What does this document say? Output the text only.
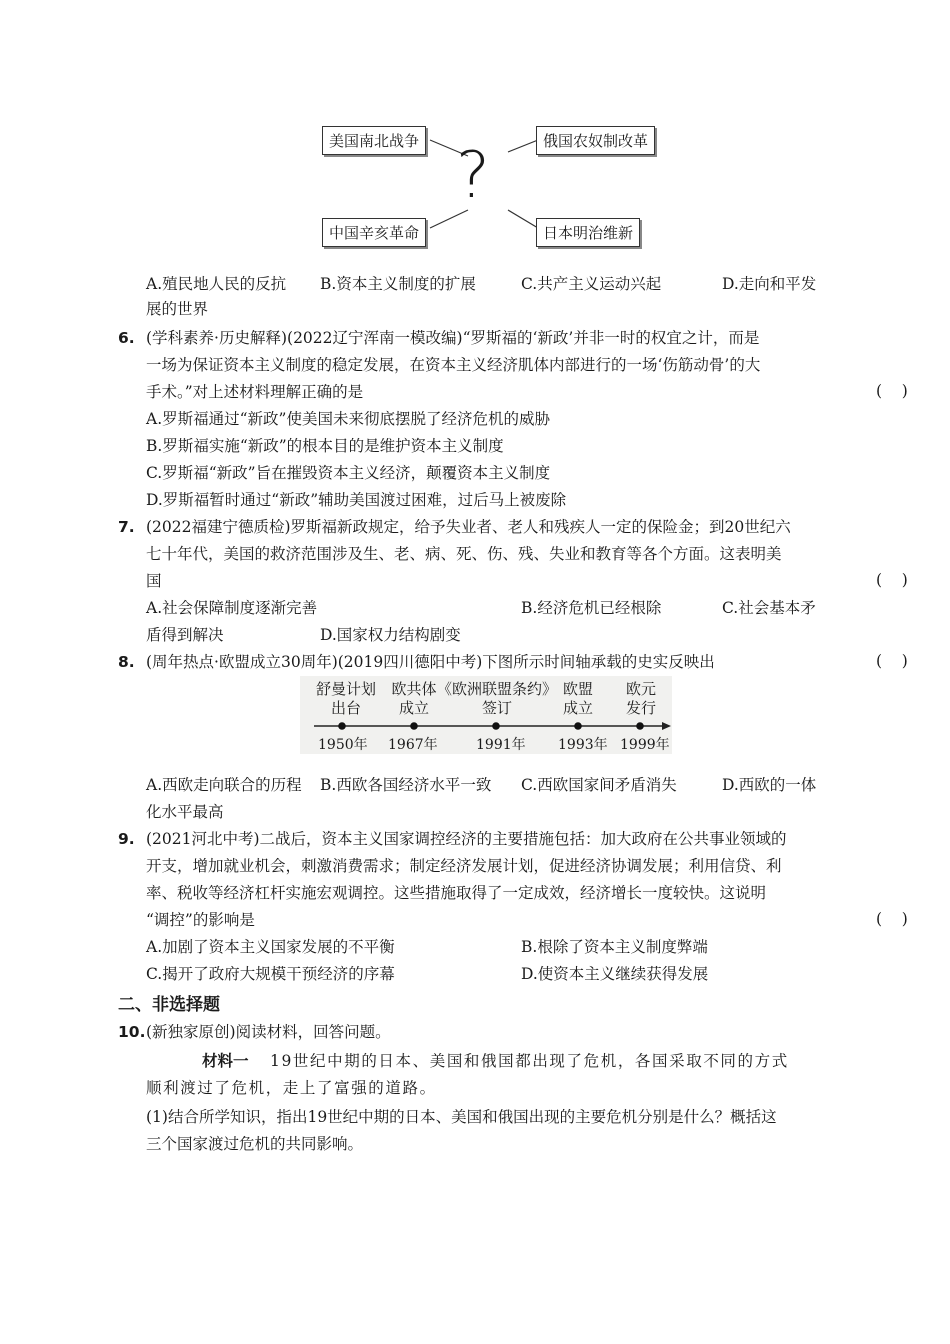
美国南北战争	俄国农奴制改革
中国辛亥革命	日本明治维新
?
A.殖民地人民的反抗 B.资本主义制度的扩展	C.共产主义运动兴起	D.走向和平发
展的世界
6. (学科素养·历史解释)(2022辽宁浑南一模改编)“罗斯福的‘新政’并非一时的权宜之计，而是
一场为保证资本主义制度的稳定发展，在资本主义经济肌体内部进行的一场‘伤筋动骨’的大
手术。”对上述材料理解正确的是	(    )
A.罗斯福通过“新政”使美国未来彻底摆脱了经济危机的威胁
B.罗斯福实施“新政”的根本目的是维护资本主义制度
C.罗斯福“新政”旨在摧毁资本主义经济，颠覆资本主义制度
D.罗斯福暂时通过“新政”辅助美国渡过困难，过后马上被废除
7. (2022福建宁德质检)罗斯福新政规定，给予失业者、老人和残疾人一定的保险金；到20世纪六
七十年代，美国的救济范围涉及生、老、病、死、伤、残、失业和教育等各个方面。这表明美
国	(    )
A.社会保障制度逐渐完善	B.经济危机已经根除	C.社会基本矛
盾得到解决	D.国家权力结构剧变
8. (周年热点·欧盟成立30周年)(2019四川德阳中考)下图所示时间轴承载的史实反映出	(    )
舒曼计划
出台
欧共体
成立
《欧洲联盟条约》
签订
欧盟
成立
欧元
发行
1950年 1967年	1991年 1993年 1999年
A.西欧走向联合的历程 B.西欧各国经济水平一致 C.西欧国家间矛盾消失	D.西欧的一体
化水平最高
9. (2021河北中考)二战后，资本主义国家调控经济的主要措施包括：加大政府在公共事业领域的
开支，增加就业机会，刺激消费需求；制定经济发展计划，促进经济协调发展；利用信贷、利
率、税收等经济杠杆实施宏观调控。这些措施取得了一定成效，经济增长一度较快。这说明
“调控”的影响是	(    )
A.加剧了资本主义国家发展的不平衡	B.根除了资本主义制度弊端
C.揭开了政府大规模干预经济的序幕	D.使资本主义继续获得发展
二、非选择题
10. (新独家原创)阅读材料，回答问题。
材料一 19世纪中期的日本、美国和俄国都出现了危机，各国采取不同的方式
顺利渡过了危机，走上了富强的道路。
(1)结合所学知识，指出19世纪中期的日本、美国和俄国出现的主要危机分别是什么？概括这
三个国家渡过危机的共同影响。
